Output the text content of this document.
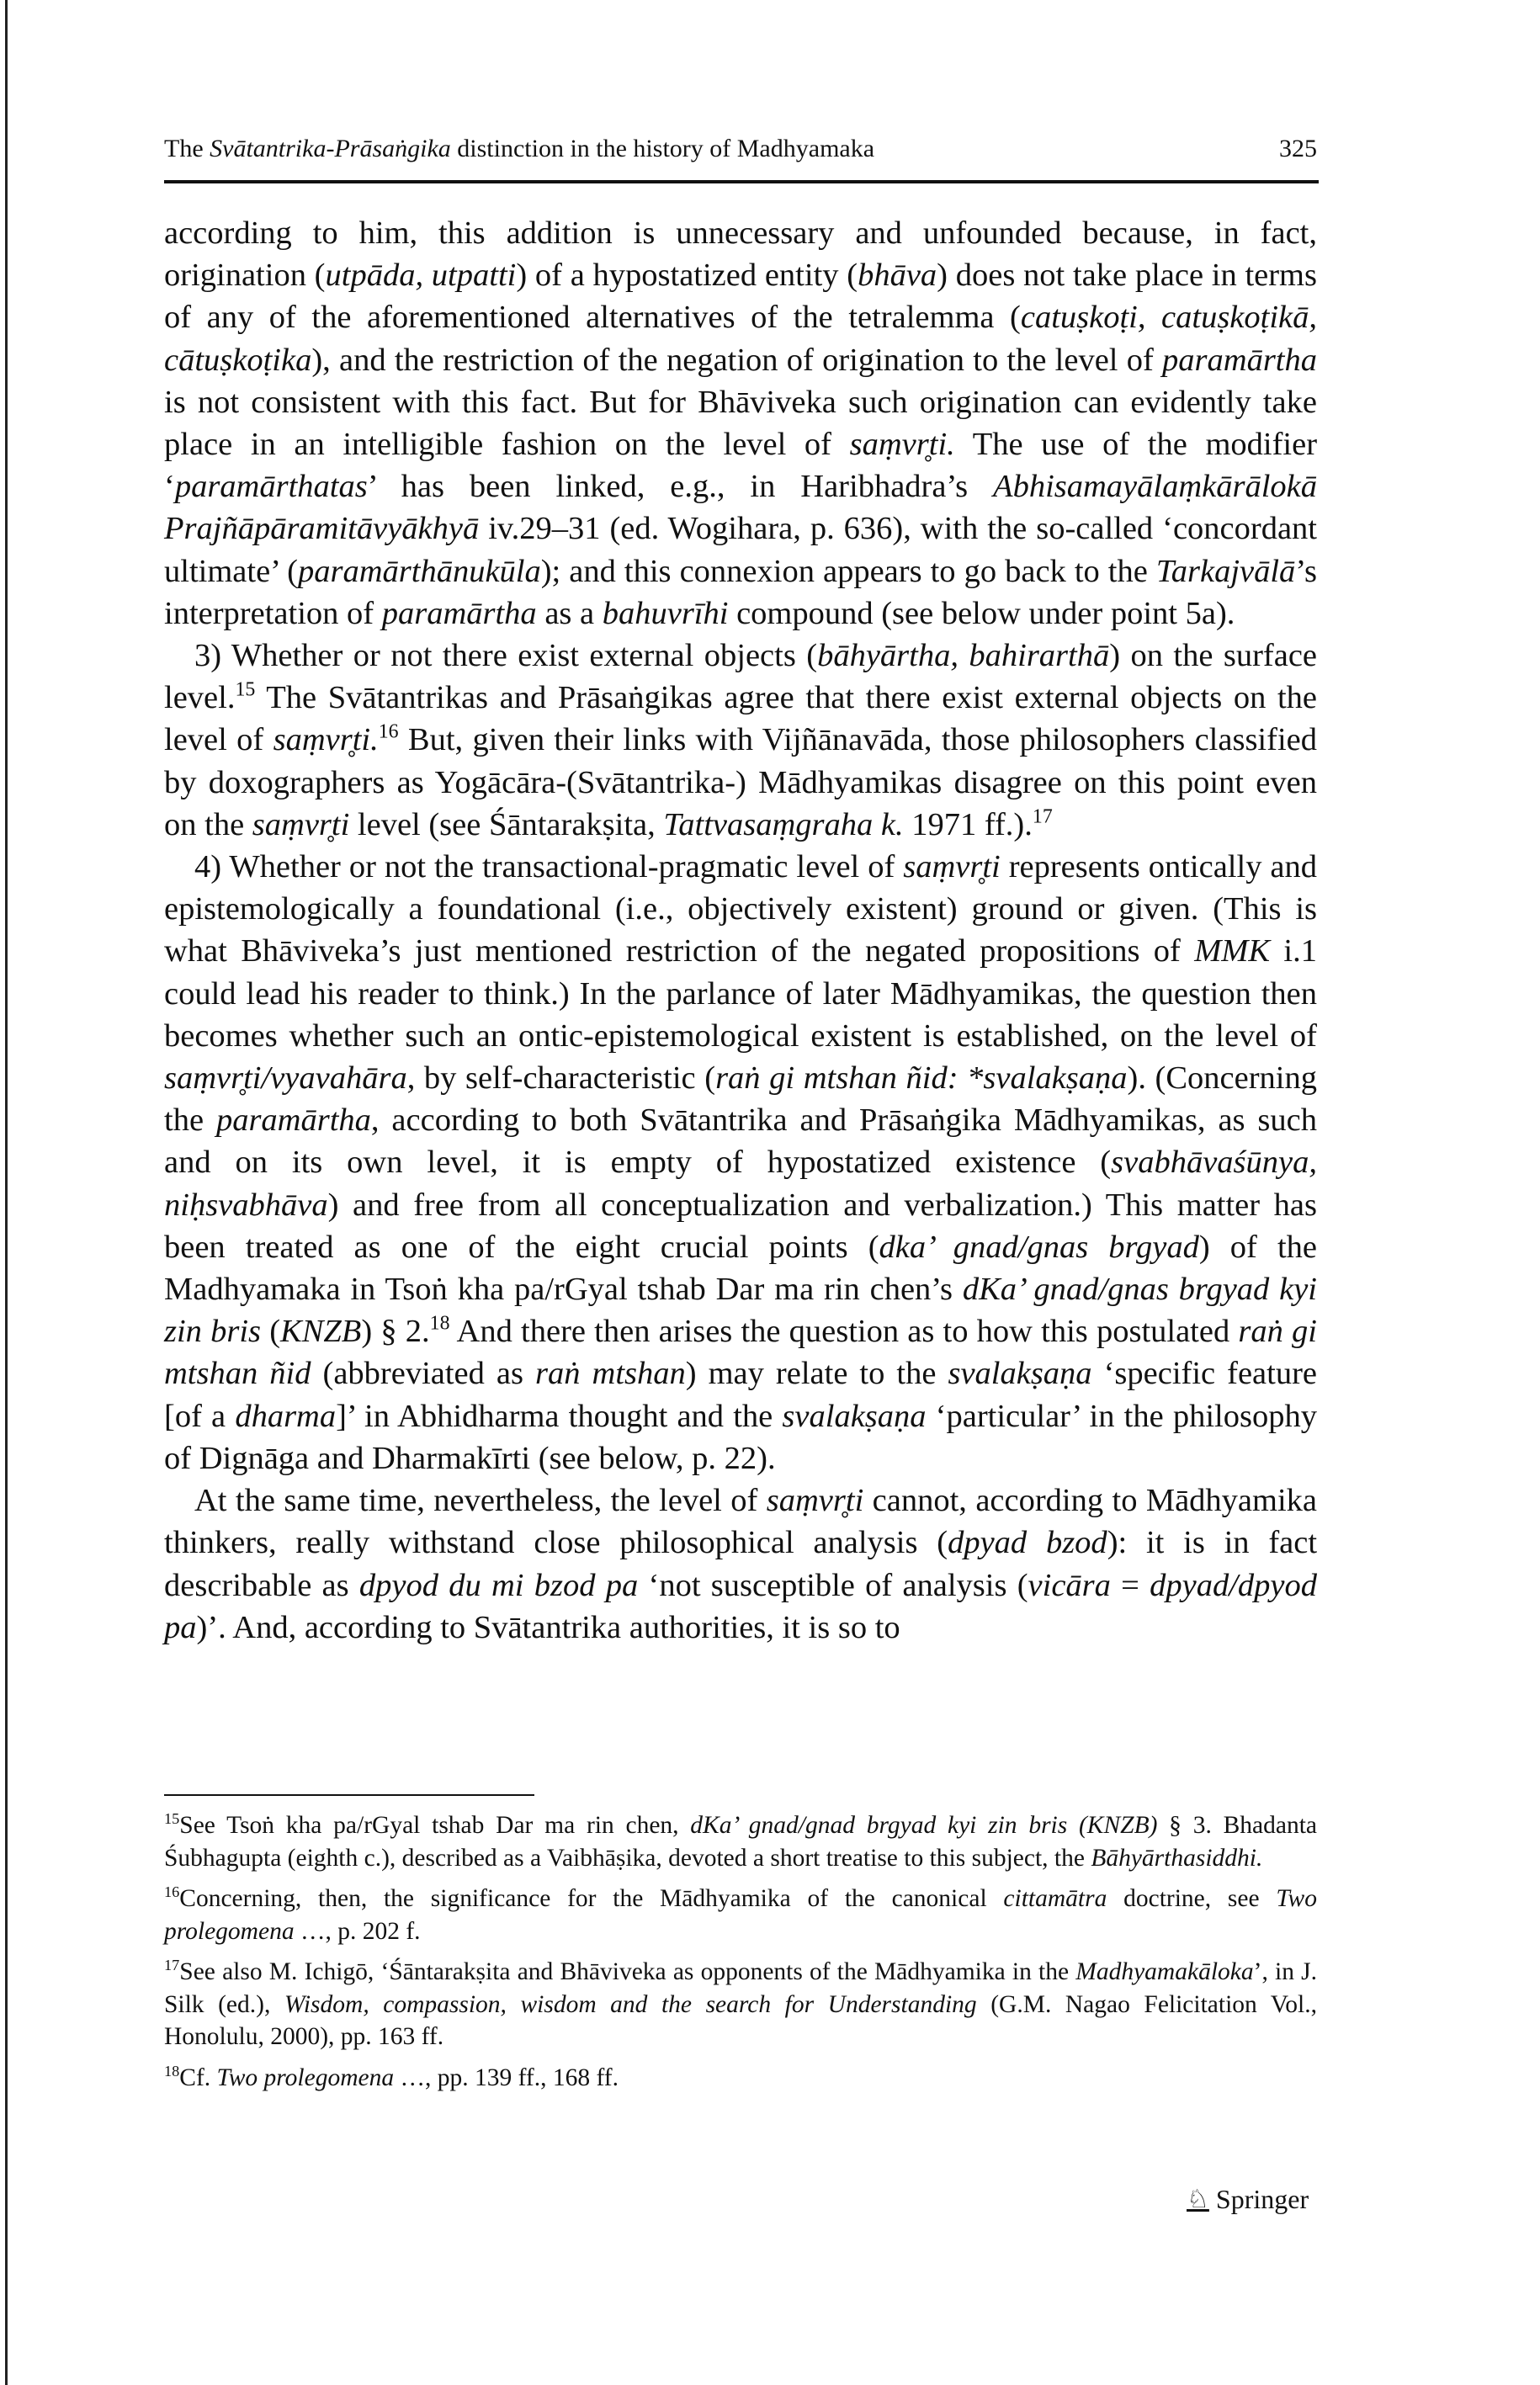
The Svātantrika-Prāsaṅgika distinction in the history of Madhyamaka	325

according to him, this addition is unnecessary and unfounded because, in fact, origination (utpāda, utpatti) of a hypostatized entity (bhāva) does not take place in terms of any of the aforementioned alternatives of the tetralemma (catuṣkoṭi, catuṣkoṭikā, cātuṣkoṭika), and the restriction of the negation of origination to the level of paramārtha is not consistent with this fact. But for Bhāviveka such origination can evidently take place in an intelligible fashion on the level of saṃvr̥ti. The use of the modifier ‘paramārthatas’ has been linked, e.g., in Haribhadra’s Abhisamayālaṃkārālokā Prajñāpāramitāvyākhyā iv.29–31 (ed. Wogihara, p. 636), with the so-called ‘concordant ultimate’ (paramārthānukūla); and this connexion appears to go back to the Tarkajvālā’s interpretation of paramārtha as a bahuvrīhi compound (see below under point 5a).

3) Whether or not there exist external objects (bāhyārtha, bahirarthā) on the surface level.$^{15}$ The Svātantrikas and Prāsaṅgikas agree that there exist external objects on the level of saṃvr̥ti.$^{16}$ But, given their links with Vijñānavāda, those philosophers classified by doxographers as Yogācāra-(Svātantrika-) Mādhyamikas disagree on this point even on the saṃvr̥ti level (see Śāntarakṣita, Tattvasaṃgraha k. 1971 ff.).$^{17}$

4) Whether or not the transactional-pragmatic level of saṃvr̥ti represents ontically and epistemologically a foundational (i.e., objectively existent) ground or given. (This is what Bhāviveka’s just mentioned restriction of the negated propositions of MMK i.1 could lead his reader to think.) In the parlance of later Mādhyamikas, the question then becomes whether such an ontic-epistemological existent is established, on the level of saṃvr̥ti/vyavahāra, by self-characteristic (raṅ gi mtshan ñid: *svalakṣaṇa). (Concerning the paramārtha, according to both Svātantrika and Prāsaṅgika Mādhyamikas, as such and on its own level, it is empty of hypostatized existence (svabhāvaśūnya, niḥsvabhāva) and free from all conceptualization and verbalization.) This matter has been treated as one of the eight crucial points (dka’ gnad/gnas brgyad) of the Madhyamaka in Tsoṅ kha pa/rGyal tshab Dar ma rin chen’s dKa’ gnad/gnas brgyad kyi zin bris (KNZB) § 2.18 And there then arises the question as to how this postulated raṅ gi mtshan ñid (abbreviated as raṅ mtshan) may relate to the svalakṣaṇa ‘specific feature [of a dharma]’ in Abhidharma thought and the svalakṣaṇa ‘particular’ in the philosophy of Dignāga and Dharmakīrti (see below, p. 22).

At the same time, nevertheless, the level of saṃvr̥ti cannot, according to Mādhyamika thinkers, really withstand close philosophical analysis (dpyad bzod): it is in fact describable as dpyod du mi bzod pa ‘not susceptible of analysis (vicāra = dpyad/dpyod pa)’. And, according to Svātantrika authorities, it is so to

$^{15}$See Tsoṅ kha pa/rGyal tshab Dar ma rin chen, dKa’ gnad/gnad brgyad kyi zin bris (KNZB) § 3. Bhadanta Śubhagupta (eighth c.), described as a Vaibhāṣika, devoted a short treatise to this subject, the Bāhyārthasiddhi.

$^{16}$Concerning, then, the significance for the Mādhyamika of the canonical cittamātra doctrine, see Two prolegomena …, p. 202 f.

$^{17}$See also M. Ichigō, ‘Śāntarakṣita and Bhāviveka as opponents of the Mādhyamika in the Madhyamakāloka’, in J. Silk (ed.), Wisdom, compassion, wisdom and the search for Understanding (G.M. Nagao Felicitation Vol., Honolulu, 2000), pp. 163 ff.

$^{18}$Cf. Two prolegomena …, pp. 139 ff., 168 ff.

♘ Springer
